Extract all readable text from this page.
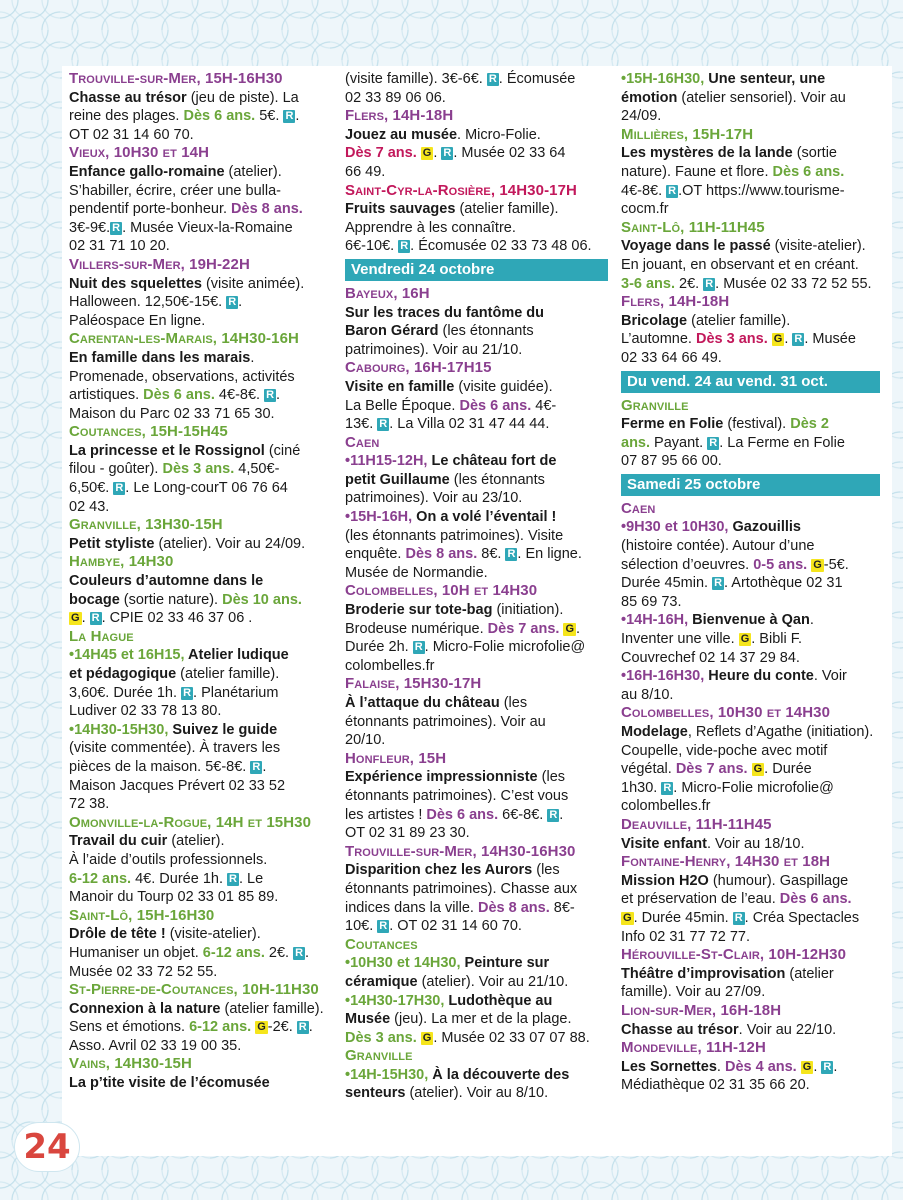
Trouville-sur-Mer, 15H-16H30
Chasse au trésor (jeu de piste). La
reine des plages. Dès 6 ans. 5€. R .
OT 02 31 14 60 70.
Vieux, 10H30 et 14H
Enfance gallo-romaine (atelier).
S’habiller, écrire, créer une bulla-
pendentif porte-bonheur. Dès 8 ans.
3€-9€. R . Musée Vieux-la-Romaine
02 31 71 10 20.
Villers-sur-Mer, 19H-22H
Nuit des squelettes (visite animée).
Halloween. 12,50€-15€. R .
Paléospace En ligne.
Carentan-les-Marais, 14H30-16H
En famille dans les marais.
Promenade, observations, activités
artistiques. Dès 6 ans. 4€-8€. R .
Maison du Parc 02 33 71 65 30.
Coutances, 15H-15H45
La princesse et le Rossignol (ciné
filou - goûter). Dès 3 ans. 4,50€-
6,50€. R . Le Long-courT 06 76 64
02 43.
Granville, 13H30-15H
Petit styliste (atelier). Voir au 24/09.
Hambye, 14H30
Couleurs d’automne dans le
bocage (sortie nature). Dès 10 ans.
G . R . CPIE 02 33 46 37 06 .
La Hague
•14H45 et 16H15, Atelier ludique
et pédagogique (atelier famille).
3,60€. Durée 1h. R . Planétarium
Ludiver 02 33 78 13 80.
•14H30-15H30, Suivez le guide
(visite commentée). À travers les
pièces de la maison. 5€-8€. R .
Maison Jacques Prévert 02 33 52
72 38.
Omonville-la-Rogue, 14H et 15H30
Travail du cuir (atelier).
À l’aide d’outils professionnels.
6-12 ans. 4€. Durée 1h. R . Le
Manoir du Tourp 02 33 01 85 89.
Saint-Lô, 15H-16H30
Drôle de tête ! (visite-atelier).
Humaniser un objet. 6-12 ans. 2€. R .
Musée 02 33 72 52 55.
St-Pierre-de-Coutances, 10H-11H30
Connexion à la nature (atelier famille).
Sens et émotions. 6-12 ans. G -2€. R .
Asso. Avril 02 33 19 00 35.
Vains, 14H30-15H
La p’tite visite de l’écomusée
(visite famille). 3€-6€. R . Écomusée
02 33 89 06 06.
Flers, 14H-18H
Jouez au musée. Micro-Folie.
Dès 7 ans. G . R . Musée 02 33 64
66 49.
Saint-Cyr-la-Rosière, 14H30-17H
Fruits sauvages (atelier famille).
Apprendre à les connaître.
6€-10€. R . Écomusée 02 33 73 48 06.
Vendredi 24 octobre
Bayeux, 16H
Sur les traces du fantôme du
Baron Gérard (les étonnants
patrimoines). Voir au 21/10.
Cabourg, 16H-17H15
Visite en famille (visite guidée).
La Belle Époque. Dès 6 ans. 4€-
13€. R . La Villa 02 31 47 44 44.
Caen
•11H15-12H, Le château fort de
petit Guillaume (les étonnants
patrimoines). Voir au 23/10.
•15H-16H, On a volé l’éventail !
(les étonnants patrimoines). Visite
enquête. Dès 8 ans. 8€. R . En ligne.
Musée de Normandie.
Colombelles, 10H et 14H30
Broderie sur tote-bag (initiation).
Brodeuse numérique. Dès 7 ans. G .
Durée 2h. R . Micro-Folie microfolie@
colombelles.fr
Falaise, 15H30-17H
À l’attaque du château (les
étonnants patrimoines). Voir au
20/10.
Honfleur, 15H
Expérience impressionniste (les
étonnants patrimoines). C’est vous
les artistes ! Dès 6 ans. 6€-8€. R .
OT 02 31 89 23 30.
Trouville-sur-Mer, 14H30-16H30
Disparition chez les Aurors (les
étonnants patrimoines). Chasse aux
indices dans la ville. Dès 8 ans. 8€-
10€. R . OT 02 31 14 60 70.
Coutances
•10H30 et 14H30, Peinture sur
céramique (atelier). Voir au 21/10.
•14H30-17H30, Ludothèque au
Musée (jeu). La mer et de la plage.
Dès 3 ans. G . Musée 02 33 07 07 88.
Granville
•14H-15H30, À la découverte des
senteurs (atelier). Voir au 8/10.
•15H-16H30, Une senteur, une
émotion (atelier sensoriel). Voir au
24/09.
Millières, 15H-17H
Les mystères de la lande (sortie
nature). Faune et flore. Dès 6 ans.
4€-8€. R .OT https://www.tourisme-
cocm.fr
Saint-Lô, 11H-11H45
Voyage dans le passé (visite-atelier).
En jouant, en observant et en créant.
3-6 ans. 2€. R . Musée 02 33 72 52 55.
Flers, 14H-18H
Bricolage (atelier famille).
L’automne. Dès 3 ans. G . R . Musée
02 33 64 66 49.
Du vend. 24 au vend. 31 oct.
Granville
Ferme en Folie (festival). Dès 2
ans. Payant. R . La Ferme en Folie
07 87 95 66 00.
Samedi 25 octobre
Caen
•9H30 et 10H30, Gazouillis
(histoire contée). Autour d’une
sélection d’oeuvres. 0-5 ans. G -5€.
Durée 45min. R . Artothèque 02 31
85 69 73.
•14H-16H, Bienvenue à Qan.
Inventer une ville. G . Bibli F.
Couvrechef 02 14 37 29 84.
•16H-16H30, Heure du conte. Voir
au 8/10.
Colombelles, 10H30 et 14H30
Modelage, Reflets d’Agathe (initiation).
Coupelle, vide-poche avec motif
végétal. Dès 7 ans. G . Durée
1h30. R . Micro-Folie microfolie@
colombelles.fr
Deauville, 11H-11H45
Visite enfant. Voir au 18/10.
Fontaine-Henry, 14H30 et 18H
Mission H2O (humour). Gaspillage
et préservation de l’eau. Dès 6 ans.
G . Durée 45min. R . Créa Spectacles
Info 02 31 77 72 77.
Hérouville-St-Clair, 10H-12H30
Théâtre d’improvisation (atelier
famille). Voir au 27/09.
Lion-sur-Mer, 16H-18H
Chasse au trésor. Voir au 22/10.
Mondeville, 11H-12H
Les Sornettes. Dès 4 ans. G . R .
Médiathèque 02 31 35 66 20.
24
